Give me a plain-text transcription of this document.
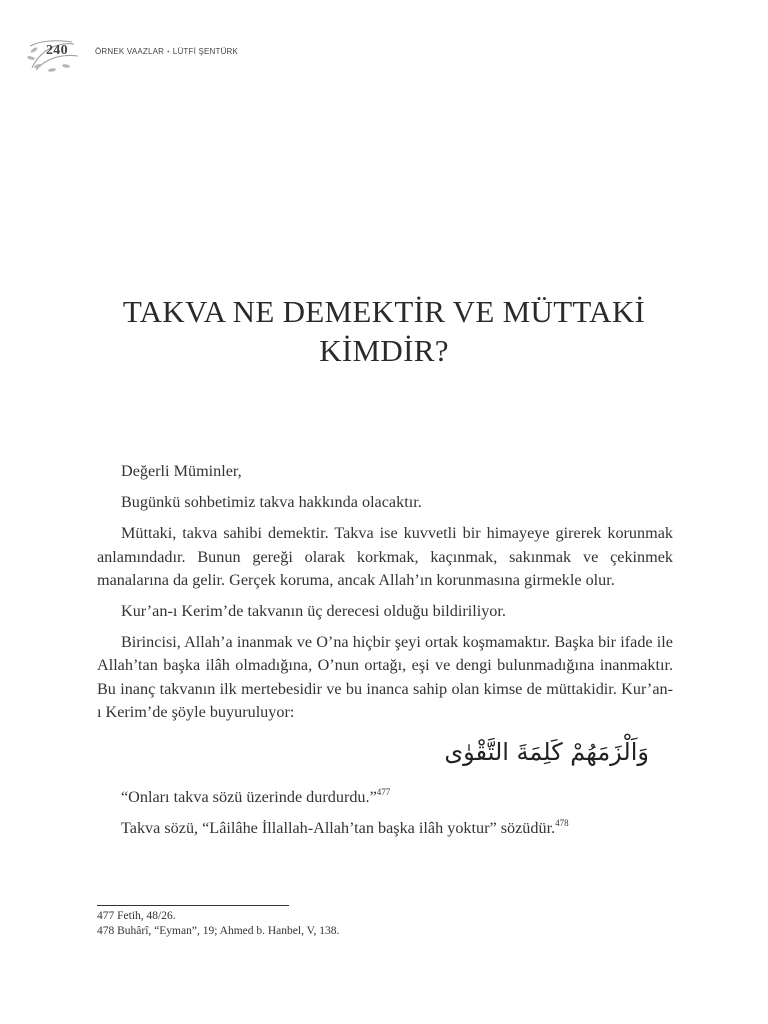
240	ÖRNEK VAAZLAR • LÜTFİ ŞENTÜRK
TAKVA NE DEMEKTİR VE MÜTTAKİ
KİMDİR?

Değerli Müminler,

Bugünkü sohbetimiz takva hakkında olacaktır.

Müttaki, takva sahibi demektir. Takva ise kuvvetli bir himayeye girerek korunmak anlamındadır. Bunun gereği olarak korkmak, kaçınmak, sakınmak ve çekinmek manalarına da gelir. Gerçek koruma, ancak Allah’ın korunmasına girmekle olur.

Kur’an-ı Kerim’de takvanın üç derecesi olduğu bildiriliyor.

Birincisi, Allah’a inanmak ve O’na hiçbir şeyi ortak koşmamaktır. Başka bir ifade ile Allah’tan başka ilâh olmadığına, O’nun ortağı, eşi ve dengi bulunmadığına inanmaktır. Bu inanç takvanın ilk mertebesidir ve bu inanca sahip olan kimse de müttakidir. Kur’an-ı Kerim’de şöyle buyuruluyor:

وَاَلْزَمَهُمْ كَلِمَةَ التَّقْوٰى

“Onları takva sözü üzerinde durdurdu.”$^{477}$

Takva sözü, “Lâilâhe İllallah-Allah’tan başka ilâh yoktur” sözüdür.$^{478}$

477 Fetih, 48/26.
478 Buhârî, “Eyman”, 19; Ahmed b. Hanbel, V, 138.
